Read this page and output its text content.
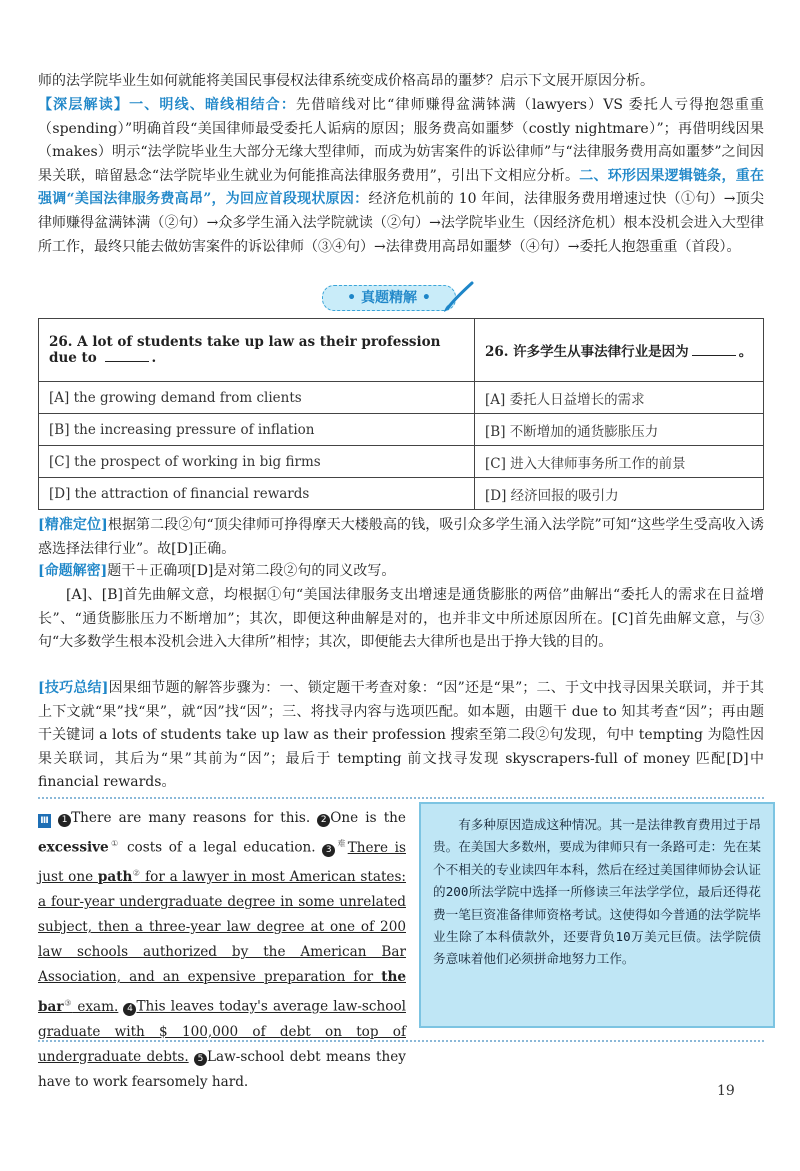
师的法学院毕业生如何就能将美国民事侵权法律系统变成价格高昂的噩梦？启示下文展开原因分析。

【深层解读】一、明线、暗线相结合：先借暗线对比“律师赚得盆满钵满（lawyers）VS 委托人亏得抱怨重重（spending）”明确首段“美国律师最受委托人诟病的原因；服务费高如噩梦（costly nightmare）”；再借明线因果（makes）明示“法学院毕业生大部分无缘大型律师，而成为妨害案件的诉讼律师”与“法律服务费用高如噩梦”之间因果关联，暗留悬念“法学院毕业生就业为何能推高法律服务费用”，引出下文相应分析。二、环形因果逻辑链条，重在强调“美国法律服务费高昂”，为回应首段现状原因：经济危机前的 10 年间，法律服务费用增速过快（①句）→顶尖律师赚得盆满钵满（②句）→众多学生涌入法学院就读（②句）→法学院毕业生（因经济危机）根本没机会进入大型律所工作，最终只能去做妨害案件的诉讼律师（③④句）→法律费用高昂如噩梦（④句）→委托人抱怨重重（首段）。

• 真题精解 •
26. A lot of students take up law as their profession due to .	26. 许多学生从事法律行业是因为 。
[A] the growing demand from clients	[A] 委托人日益增长的需求
[B] the increasing pressure of inflation	[B] 不断增加的通货膨胀压力
[C] the prospect of working in big firms	[C] 进入大律师事务所工作的前景
[D] the attraction of financial rewards	[D] 经济回报的吸引力

[精准定位]根据第二段②句“顶尖律师可挣得摩天大楼般高的钱，吸引众多学生涌入法学院”可知“这些学生受高收入诱惑选择法律行业”。故[D]正确。

[命题解密]题干＋正确项[D]是对第二段②句的同义改写。

[A]、[B]首先曲解文意，均根据①句“美国法律服务支出增速是通货膨胀的两倍”曲解出“委托人的需求在日益增长”、“通货膨胀压力不断增加”；其次，即便这种曲解是对的，也并非文中所述原因所在。[C]首先曲解文意，与③句“大多数学生根本没机会进入大律所”相悖；其次，即便能去大律所也是出于挣大钱的目的。

[技巧总结]因果细节题的解答步骤为：一、锁定题干考查对象：“因”还是“果”；二、于文中找寻因果关联词，并于其上下文就“果”找“果”，就“因”找“因”；三、将找寻内容与选项匹配。如本题，由题干 due to 知其考查“因”；再由题干关键词 a lots of students take up law as their profession 搜索至第二段②句发现，句中 tempting 为隐性因果关联词，其后为“果”其前为“因”；最后于 tempting 前文找寻发现 skyscrapers-full of money 匹配[D]中 financial rewards。

Ⅲ 1 There are many reasons for this. 2 One is the excessive① costs of a legal education. $3^难There$ is just one path② for a lawyer in most American states: a four-year undergraduate degree in some unrelated subject, then a three-year law degree at one of 200 law schools authorized by the American Bar Association, and an expensive preparation for the bar③ exam. 4 This leaves today's average law-school graduate with $ 100,000 of debt on top of undergraduate debts. 5 Law-school debt means they have to work fearsomely hard.

有多种原因造成这种情况。其一是法律教育费用过于昂贵。在美国大多数州，要成为律师只有一条路可走：先在某个不相关的专业读四年本科，然后在经过美国律师协会认证的200所法学院中选择一所修读三年法学学位，最后还得花费一笔巨资准备律师资格考试。这使得如今普通的法学院毕业生除了本科债款外，还要背负10万美元巨债。法学院债务意味着他们必须拼命地努力工作。
19
